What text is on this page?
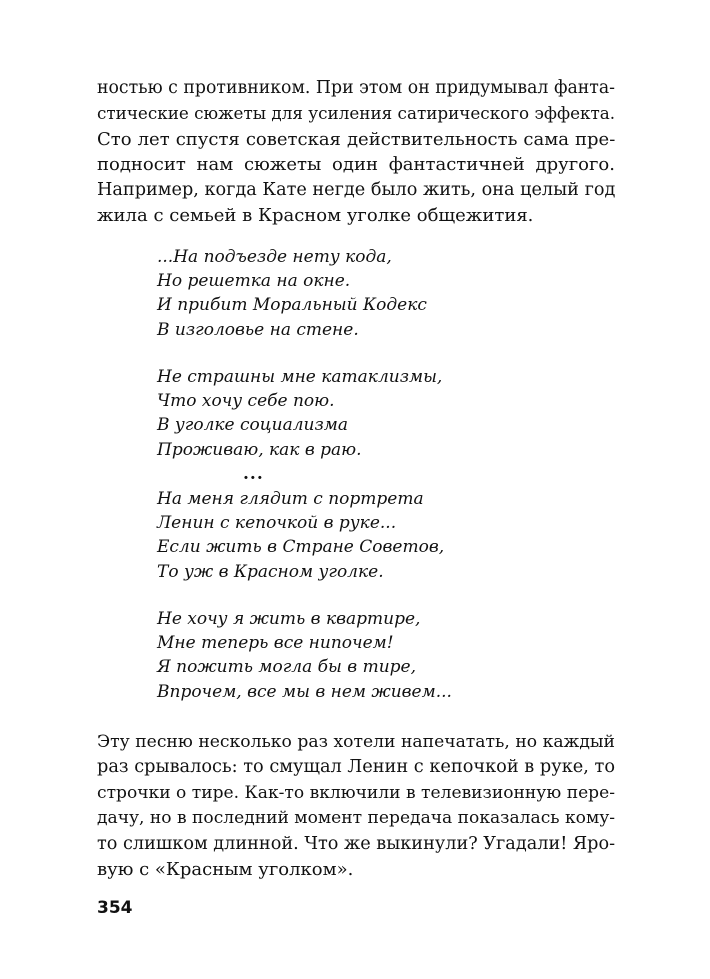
ностью с противником. При этом он придумывал фанта-
стические сюжеты для усиления сатирического эффекта.
Сто лет спустя советская действительность сама пре-
подносит нам сюжеты один фантастичней другого.
Например, когда Кате негде было жить, она целый год
жила с семьей в Красном уголке общежития.
...На подъезде нету кода,
Но решетка на окне.
И прибит Моральный Кодекс
В изголовье на стене.
Не страшны мне катаклизмы,
Что хочу себе пою.
В уголке социализма
Проживаю, как в раю.
...
На меня глядит с портрета
Ленин с кепочкой в руке...
Если жить в Стране Советов,
То уж в Красном уголке.
Не хочу я жить в квартире,
Мне теперь все нипочем!
Я пожить могла бы в тире,
Впрочем, все мы в нем живем...
Эту песню несколько раз хотели напечатать, но каждый
раз срывалось: то смущал Ленин с кепочкой в руке, то
строчки о тире. Как-то включили в телевизионную пере-
дачу, но в последний момент передача показалась кому-
то слишком длинной. Что же выкинули? Угадали! Яро-
вую с «Красным уголком».
354
